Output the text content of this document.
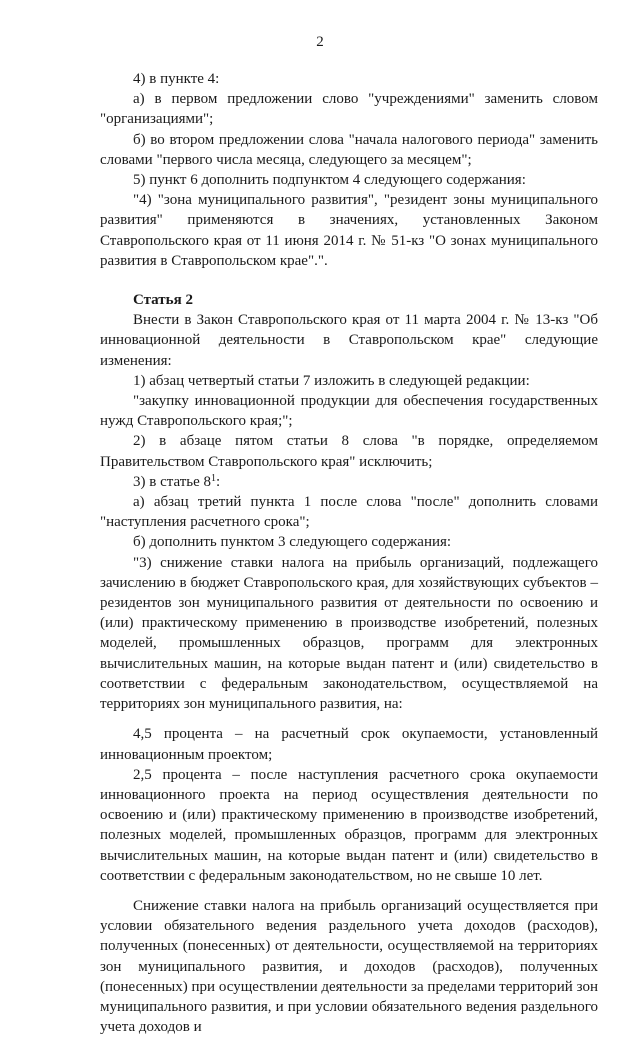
2

4) в пункте 4:

а) в первом предложении слово "учреждениями" заменить словом "организациями";

б) во втором предложении слова "начала налогового периода" заменить словами "первого числа месяца, следующего за месяцем";

5) пункт 6 дополнить подпунктом 4 следующего содержания:

"4) "зона муниципального развития", "резидент зоны муниципального развития" применяются в значениях, установленных Законом Ставропольского края от 11 июня 2014 г. № 51-кз "О зонах муниципального развития в Ставропольском крае".".

Статья 2

Внести в Закон Ставропольского края от 11 марта 2004 г. № 13-кз "Об инновационной деятельности в Ставропольском крае" следующие изменения:

1) абзац четвертый статьи 7 изложить в следующей редакции:

"закупку инновационной продукции для обеспечения государственных нужд Ставропольского края;";

2) в абзаце пятом статьи 8 слова "в порядке, определяемом Правительством Ставропольского края" исключить;

3) в статье $8^1$:

а) абзац третий пункта 1 после слова "после" дополнить словами "наступления расчетного срока";

б) дополнить пунктом 3 следующего содержания:

"3) снижение ставки налога на прибыль организаций, подлежащего зачислению в бюджет Ставропольского края, для хозяйствующих субъектов – резидентов зон муниципального развития от деятельности по освоению и (или) практическому применению в производстве изобретений, полезных моделей, промышленных образцов, программ для электронных вычислительных машин, на которые выдан патент и (или) свидетельство в соответствии с федеральным законодательством, осуществляемой на территориях зон муниципального развития, на:

4,5 процента – на расчетный срок окупаемости, установленный инновационным проектом;

2,5 процента – после наступления расчетного срока окупаемости инновационного проекта на период осуществления деятельности по освоению и (или) практическому применению в производстве изобретений, полезных моделей, промышленных образцов, программ для электронных вычислительных машин, на которые выдан патент и (или) свидетельство в соответствии с федеральным законодательством, но не свыше 10 лет.

Снижение ставки налога на прибыль организаций осуществляется при условии обязательного ведения раздельного учета доходов (расходов), полученных (понесенных) от деятельности, осуществляемой на территориях зон муниципального развития, и доходов (расходов), полученных (понесенных) при осуществлении деятельности за пределами территорий зон муниципального развития, и при условии обязательного ведения раздельного учета доходов и
